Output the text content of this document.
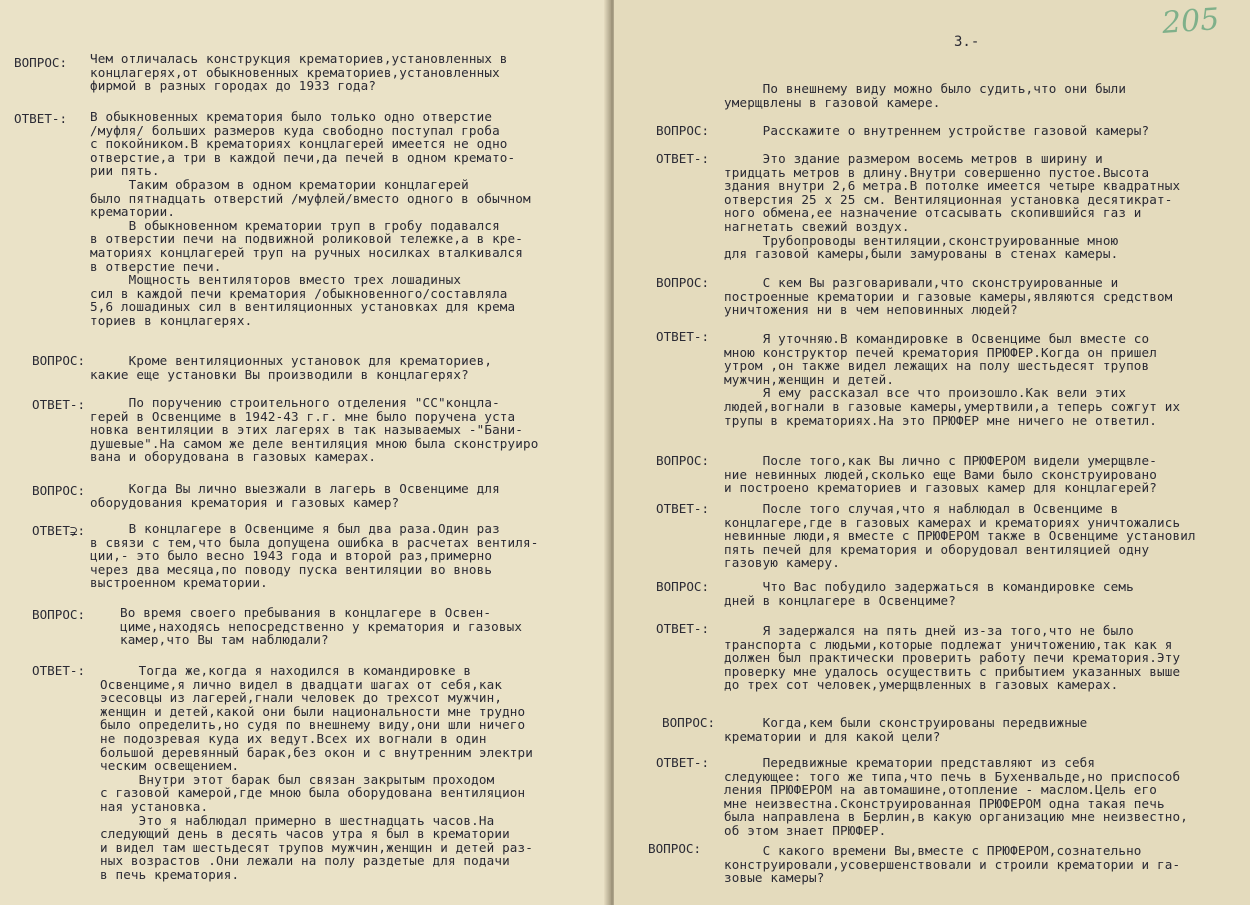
ВОПРОС: Чем отличалась конструкция крематориев,установленных в
концлагерях,от обыкновенных крематориев,установленных
фирмой в разных городах до 1933 года?

ОТВЕТ-: В обыкновенных крематория было только одно отверстие
/муфля/ больших размеров куда свободно поступал гроба
с покойником.В крематориях концлагерей имеется не одно
отверстие,а три в каждой печи,да печей в одном кремато-
рии пять.
Таким образом в одном крематории концлагерей
было пятнадцать отверстий /муфлей/вместо одного в обычном
крематории.
В обыкновенном крематории труп в гробу подавался
в отверстии печи на подвижной роликовой тележке,а в кре-
маториях концлагерей труп на ручных носилках вталкивался
в отверстие печи.
Мощность вентиляторов вместо трех лошадиных
сил в каждой печи крематория /обыкновенного/составляла
5,6 лошадиных сил в вентиляционных установках для крема
ториев в концлагерях.

ВОПРОС:	Кроме вентиляционных установок для крематориев,
какие еще установки Вы производили в концлагерях?

ОТВЕТ-:	По поручению строительного отделения "СС"концла-
герей в Освенциме в 1942-43 г.г. мне было поручена уста
новка вентиляции в этих лагерях в так называемых -"Бани-
душевые".На самом же деле вентиляция мною была сконструиро
вана и оборудована в газовых камерах.

ВОПРОС:	Когда Вы лично выезжали в лагерь в Освенциме для
оборудования крематория и газовых камер?

ОТВЕТ⊋:	В концлагере в Освенциме я был два раза.Один раз
в связи с тем,что была допущена ошибка в расчетах вентиля-
ции,- это было весно 1943 года и второй раз,примерно
через два месяца,по поводу пуска вентиляции во вновь
выстроенном крематории.

ВОПРОС:	Во время своего пребывания в концлагере в Освен-
циме,находясь непосредственно у крематория и газовых
камер,что Вы там наблюдали?

ОТВЕТ-:	Тогда же,когда я находился в командировке в
Освенциме,я лично видел в двадцати шагах от себя,как
эсесовцы из лагерей,гнали человек до трехсот мужчин,
женщин и детей,какой они были национальности мне трудно
было определить,но судя по внешнему виду,они шли ничего
не подозревая куда их ведут.Всех их вогнали в один
большой деревянный барак,без окон и с внутренним электри
ческим освещением.
Внутри этот барак был связан закрытым проходом
с газовой камерой,где мною была оборудована вентиляцион
ная установка.
Это я наблюдал примерно в шестнадцать часов.На
следующий день в десять часов утра я был в крематории
и видел там шестьдесят трупов мужчин,женщин и детей раз-
ных возрастов .Они лежали на полу раздетые для подачи
в печь крематория.

3.-
205

По внешнему виду можно было судить,что они были
умерщвлены в газовой камере.

ВОПРОС: Расскажите о внутреннем устройстве газовой камеры?

ОТВЕТ-:	Это здание размером восемь метров в ширину и
тридцать метров в длину.Внутри совершенно пустое.Высота
здания внутри 2,6 метра.В потолке имеется четыре квадратных
отверстия 25 х 25 см. Вентиляционная установка десятикрат-
ного обмена,ее назначение отсасывать скопившийся газ и
нагнетать свежий воздух.
Трубопроводы вентиляции,сконструированные мною
для газовой камеры,были замурованы в стенах камеры.

ВОПРОС:	С кем Вы разговаривали,что сконструированные и
построенные крематории и газовые камеры,являются средством
уничтожения ни в чем неповинных людей?

ОТВЕТ-:	Я уточняю.В командировке в Освенциме был вместе со
мною конструктор печей крематория ПРЮФЕР.Когда он пришел
утром ,он также видел лежащих на полу шестьдесят трупов
мужчин,женщин и детей.
Я ему рассказал все что произошло.Как вели этих
людей,вогнали в газовые камеры,умертвили,а теперь сожгут их
трупы в крематориях.На это ПРЮФЕР мне ничего не ответил.

ВОПРОС:	После того,как Вы лично с ПРЮФЕРОМ видели умерщвле-
ние невинных людей,сколько еще Вами было сконструировано
и построено крематориев и газовых камер для концлагерей?

ОТВЕТ-:	После того случая,что я наблюдал в Освенциме в
концлагере,где в газовых камерах и крематориях уничтожались
невинные люди,я вместе с ПРЮФЕРОМ также в Освенциме установил
пять печей для крематория и оборудовал вентиляцией одну
газовую камеру.

ВОПРОС:	Что Вас побудило задержаться в командировке семь
дней в концлагере в Освенциме?

ОТВЕТ-:	Я задержался на пять дней из-за того,что не было
транспорта с людьми,которые подлежат уничтожению,так как я
должен был практически проверить работу печи крематория.Эту
проверку мне удалось осуществить с прибытием указанных выше
до трех сот человек,умерщвленных в газовых камерах.

ВОПРОС:	Когда,кем были сконструированы передвижные
крематории и для какой цели?

ОТВЕТ-:	Передвижные крематории представляют из себя
следующее: того же типа,что печь в Бухенвальде,но приспособ
ления ПРЮФЕРОМ на автомашине,отопление - маслом.Цель его
мне неизвестна.Сконструированная ПРЮФЕРОМ одна такая печь
была направлена в Берлин,в какую организацию мне неизвестно,
об этом знает ПРЮФЕР.

ВОПРОС:	С какого времени Вы,вместе с ПРЮФЕРОМ,сознательно
конструировали,усовершенствовали и строили крематории и га-
зовые камеры?
